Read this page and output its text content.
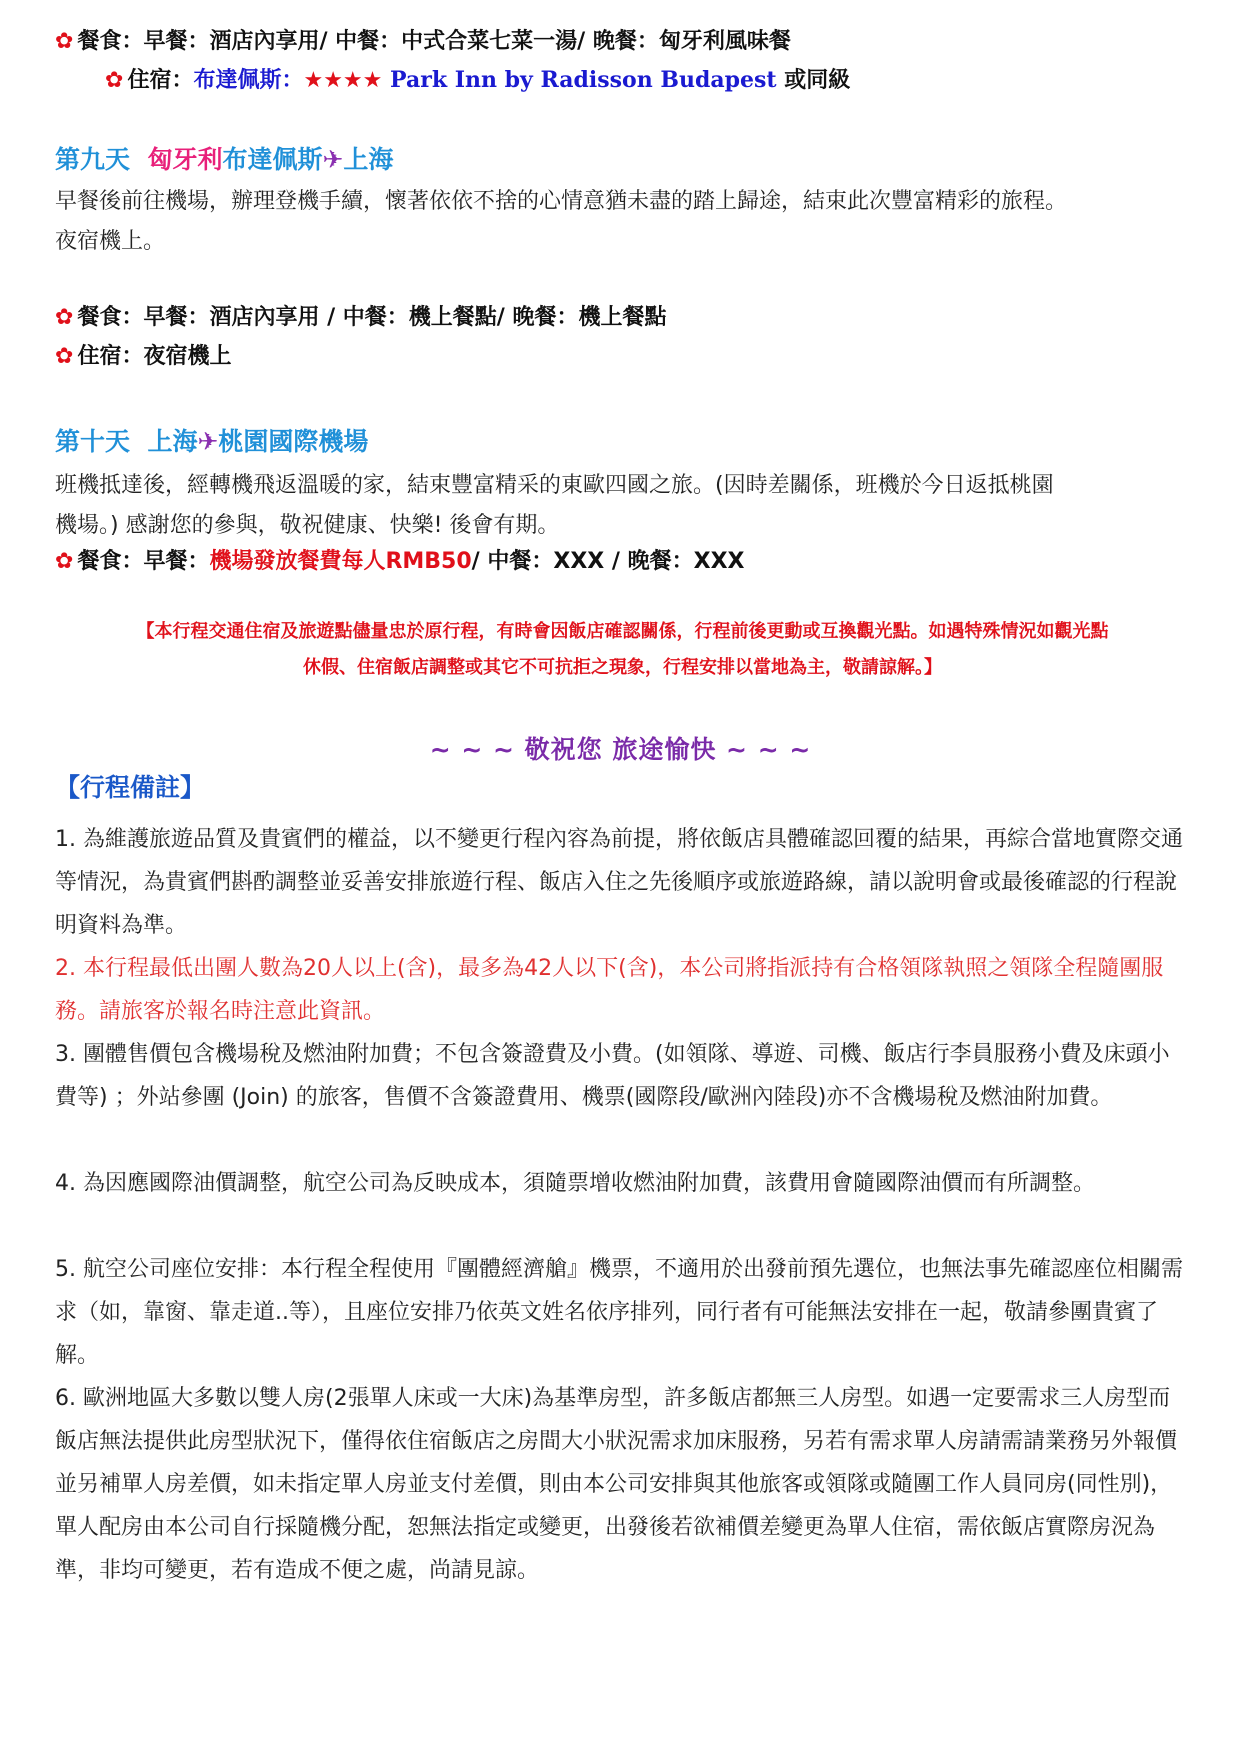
✿ 餐食：早餐：酒店內享用/ 中餐：中式合菜七菜一湯/ 晚餐：匈牙利風味餐
✿ 住宿：布達佩斯：★★★★ Park Inn by Radisson Budapest 或同級
第九天 匈牙利布達佩斯✈上海
早餐後前往機場，辦理登機手續，懷著依依不捨的心情意猶未盡的踏上歸途，結束此次豐富精彩的旅程。
夜宿機上。
✿ 餐食：早餐：酒店內享用 / 中餐：機上餐點/ 晚餐：機上餐點
✿ 住宿：夜宿機上
第十天 上海✈桃園國際機場
班機抵達後，經轉機飛返溫暖的家，結束豐富精采的東歐四國之旅。(因時差關係，班機於今日返抵桃園
機場。) 感謝您的參與，敬祝健康、快樂! 後會有期。
✿ 餐食：早餐：機場發放餐費每人RMB50/ 中餐：XXX / 晚餐：XXX
【本行程交通住宿及旅遊點儘量忠於原行程，有時會因飯店確認關係，行程前後更動或互換觀光點。如遇特殊情況如觀光點
休假、住宿飯店調整或其它不可抗拒之現象，行程安排以當地為主，敬請諒解。】
~ ~ ~ 敬祝您 旅途愉快 ~ ~ ~
【行程備註】
1. 為維護旅遊品質及貴賓們的權益，以不變更行程內容為前提，將依飯店具體確認回覆的結果，再綜合當地實際交通等情況，為貴賓們斟酌調整並妥善安排旅遊行程、飯店入住之先後順序或旅遊路線，請以說明會或最後確認的行程說明資料為準。
2. 本行程最低出團人數為20人以上(含)，最多為42人以下(含)，本公司將指派持有合格領隊執照之領隊全程隨團服務。請旅客於報名時注意此資訊。
3. 團體售價包含機場稅及燃油附加費；不包含簽證費及小費。(如領隊、導遊、司機、飯店行李員服務小費及床頭小費等) ；外站參團 (Join) 的旅客，售價不含簽證費用、機票(國際段/歐洲內陸段)亦不含機場稅及燃油附加費。
4. 為因應國際油價調整，航空公司為反映成本，須隨票增收燃油附加費，該費用會隨國際油價而有所調整。
5. 航空公司座位安排：本行程全程使用『團體經濟艙』機票，不適用於出發前預先選位，也無法事先確認座位相關需求（如，靠窗、靠走道..等），且座位安排乃依英文姓名依序排列，同行者有可能無法安排在一起，敬請參團貴賓了解。
6. 歐洲地區大多數以雙人房(2張單人床或一大床)為基準房型，許多飯店都無三人房型。如遇一定要需求三人房型而飯店無法提供此房型狀況下，僅得依住宿飯店之房間大小狀況需求加床服務，另若有需求單人房請需請業務另外報價並另補單人房差價，如未指定單人房並支付差價，則由本公司安排與其他旅客或領隊或隨團工作人員同房(同性別)，單人配房由本公司自行採隨機分配，恕無法指定或變更，出發後若欲補價差變更為單人住宿，需依飯店實際房況為準，非均可變更，若有造成不便之處，尚請見諒。
